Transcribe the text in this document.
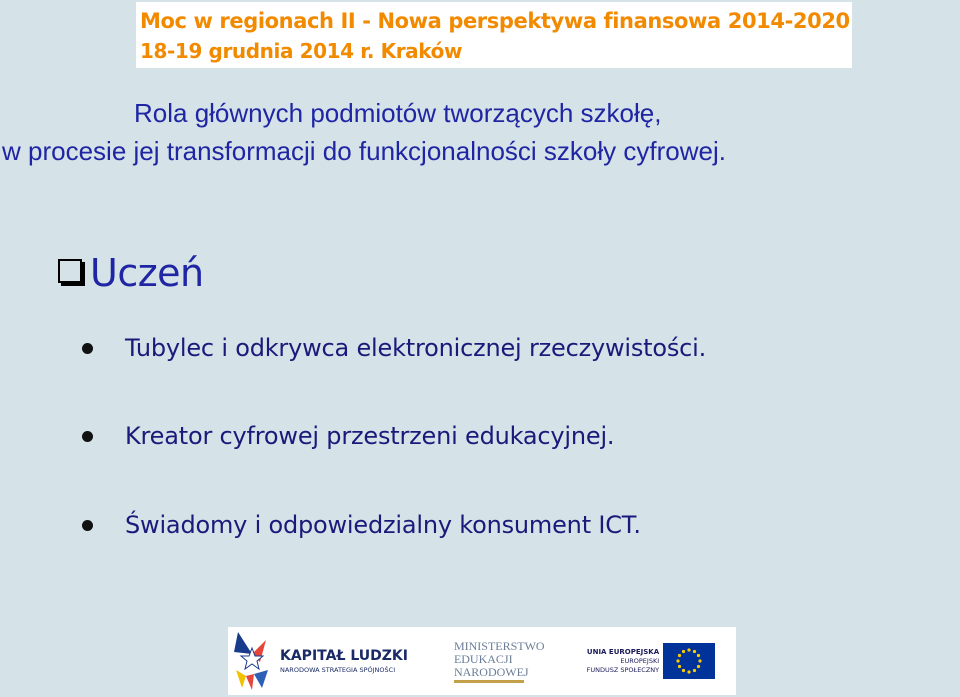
Moc w regionach II - Nowa perspektywa finansowa 2014-2020
18-19 grudnia 2014 r. Kraków
Rola głównych podmiotów tworzących szkołę,
w procesie jej transformacji do funkcjonalności szkoły cyfrowej.
Uczeń
Tubylec i odkrywca elektronicznej rzeczywistości.
Kreator cyfrowej przestrzeni edukacyjnej.
Świadomy i odpowiedzialny konsument ICT.
KAPITAŁ LUDZKI
NARODOWA STRATEGIA SPÓJNOŚCI
MINISTERSTWO
EDUKACJI
NARODOWEJ
UNIA EUROPEJSKA
EUROPEJSKI
FUNDUSZ SPOŁECZNY
